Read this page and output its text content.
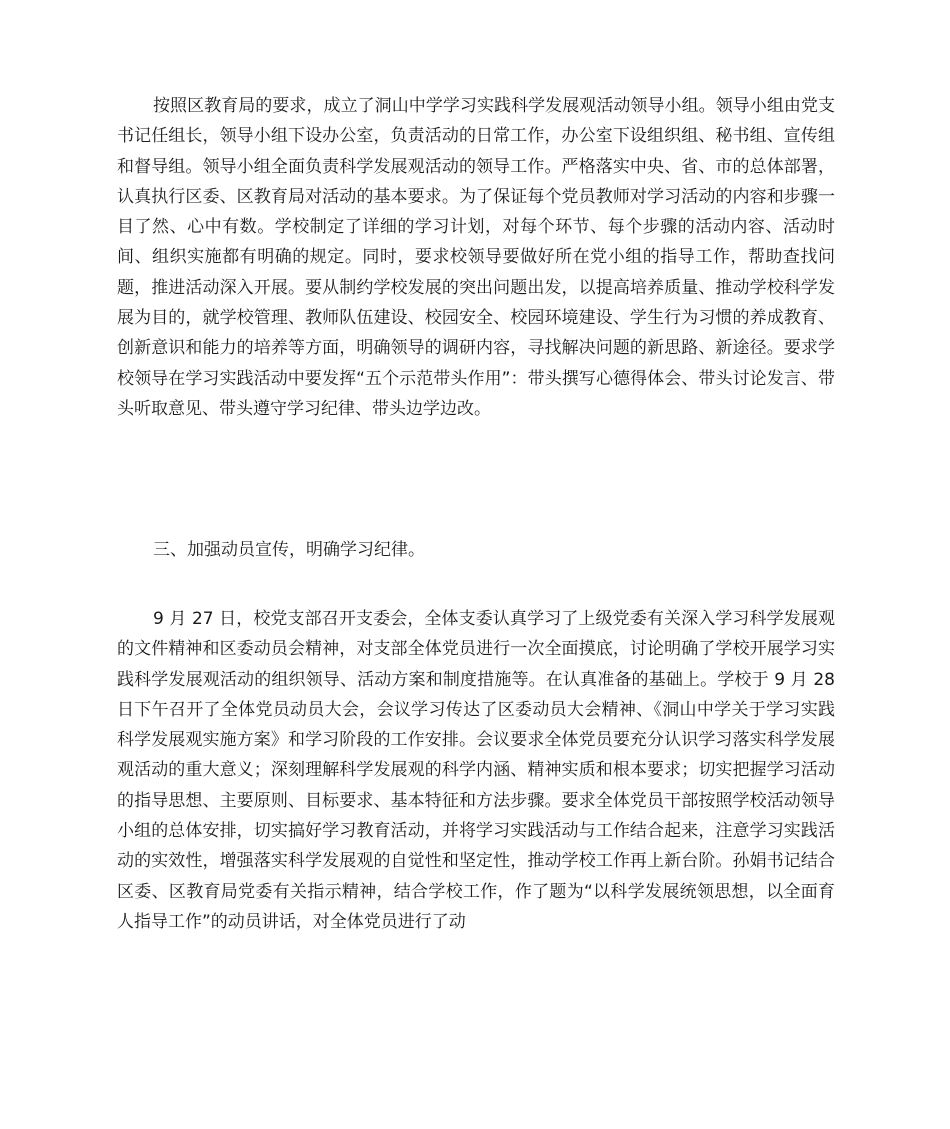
按照区教育局的要求，成立了洞山中学学习实践科学发展观活动领导小组。领导小组由党支书记任组长，领导小组下设办公室，负责活动的日常工作，办公室下设组织组、秘书组、宣传组和督导组。领导小组全面负责科学发展观活动的领导工作。严格落实中央、省、市的总体部署，认真执行区委、区教育局对活动的基本要求。为了保证每个党员教师对学习活动的内容和步骤一目了然、心中有数。学校制定了详细的学习计划，对每个环节、每个步骤的活动内容、活动时间、组织实施都有明确的规定。同时，要求校领导要做好所在党小组的指导工作，帮助查找问题，推进活动深入开展。要从制约学校发展的突出问题出发，以提高培养质量、推动学校科学发展为目的，就学校管理、教师队伍建设、校园安全、校园环境建设、学生行为习惯的养成教育、创新意识和能力的培养等方面，明确领导的调研内容，寻找解决问题的新思路、新途径。要求学校领导在学习实践活动中要发挥“五个示范带头作用”：带头撰写心德得体会、带头讨论发言、带头听取意见、带头遵守学习纪律、带头边学边改。

三、加强动员宣传，明确学习纪律。

9 月 27 日，校党支部召开支委会，全体支委认真学习了上级党委有关深入学习科学发展观的文件精神和区委动员会精神，对支部全体党员进行一次全面摸底，讨论明确了学校开展学习实践科学发展观活动的组织领导、活动方案和制度措施等。在认真准备的基础上。学校于 9 月 28 日下午召开了全体党员动员大会，会议学习传达了区委动员大会精神、《洞山中学关于学习实践科学发展观实施方案》和学习阶段的工作安排。会议要求全体党员要充分认识学习落实科学发展观活动的重大意义；深刻理解科学发展观的科学内涵、精神实质和根本要求；切实把握学习活动的指导思想、主要原则、目标要求、基本特征和方法步骤。要求全体党员干部按照学校活动领导小组的总体安排，切实搞好学习教育活动，并将学习实践活动与工作结合起来，注意学习实践活动的实效性，增强落实科学发展观的自觉性和坚定性，推动学校工作再上新台阶。孙娟书记结合区委、区教育局党委有关指示精神，结合学校工作，作了题为“以科学发展统领思想，以全面育人指导工作”的动员讲话，对全体党员进行了动
